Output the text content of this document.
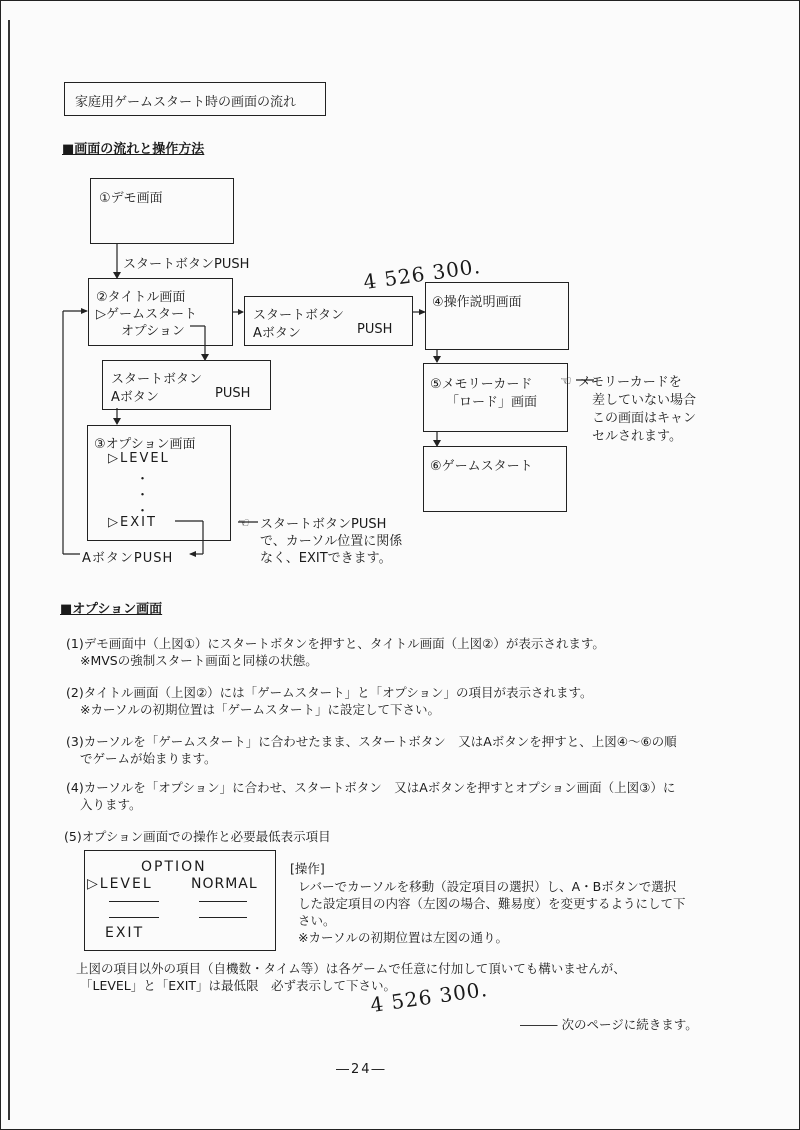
家庭用ゲームスタート時の画面の流れ
■画面の流れと操作方法
①デモ画面
スタートボタンPUSH
②タイトル画面
▷ゲームスタート
オプション
スタートボタン
Aボタン	PUSH
④操作説明画面
スタートボタン
Aボタン	PUSH
⑤メモリーカード
「ロード」画面
☜ メモリーカードを
差していない場合
この画面はキャン
セルされます。
⑥ゲームスタート
③オプション画面
▷LEVEL
・
・
・
▷EXIT
AボタンPUSH
☜ スタートボタンPUSH
で、カーソル位置に関係
なく、EXITできます。
4 526 300.
■オプション画面
(1)デモ画面中（上図①）にスタートボタンを押すと、タイトル画面（上図②）が表示されます。
※MVSの強制スタート画面と同様の状態。
(2)タイトル画面（上図②）には「ゲームスタート」と「オプション」の項目が表示されます。
※カーソルの初期位置は「ゲームスタート」に設定して下さい。
(3)カーソルを「ゲームスタート」に合わせたまま、スタートボタン　又はAボタンを押すと、上図④～⑥の順
でゲームが始まります。
(4)カーソルを「オプション」に合わせ、スタートボタン　又はAボタンを押すとオプション画面（上図③）に
入ります。
(5)オプション画面での操作と必要最低表示項目
OPTION
▷LEVEL	NORMAL
EXIT
[操作]
レバーでカーソルを移動（設定項目の選択）し、A・Bボタンで選択
した設定項目の内容（左図の場合、難易度）を変更するようにして下
さい。
※カーソルの初期位置は左図の通り。
上図の項目以外の項目（自機数・タイム等）は各ゲームで任意に付加して頂いても構いませんが、
「LEVEL」と「EXIT」は最低限　必ず表示して下さい。
4 526 300.
――― 次のページに続きます。
―24―
